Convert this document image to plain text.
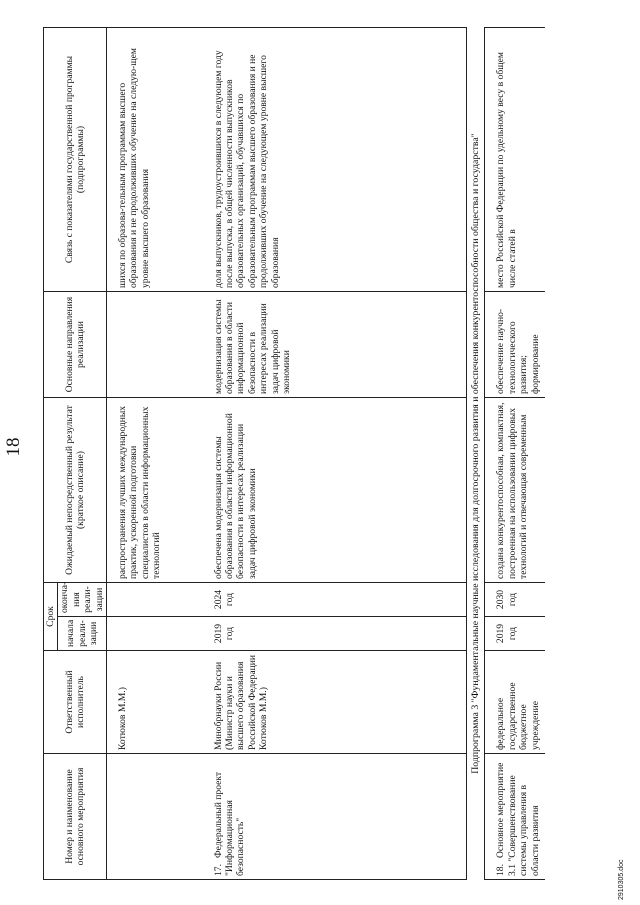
18
Номер и наименование основного мероприятия	Ответственный исполнитель	Срок		Ожидаемый непосредственный результат (краткое описание)	Основные направления реализации	Связь с показателями государственной программы (подпрограммы)
		начала реали-зации	оконча-ния реали-зации			
	Котюков М.М.)			распространения лучших международных практик, ускоренной подготовки специалистов в области информационных технологий		шихся по образова-тельным программам высшего образования и не продолживших обучение на следую-щем уровне высшего образования
17.Федеральный проект "Информационная безопасность"	Минобрнауки России (Министр науки и высшего образования Российской Федерации Котюков М.М.)	2019 год	2024 год	обеспечена модернизация системы образования в области информационной безопасности в интересах реализации задач цифровой экономики	модернизация системы образования в области информационной безопасности в интересах реализации задач цифровой экономики	доля выпускников, трудоустроившихся в следующем году после выпуска, в общей численности выпускников образовательных организаций, обучавшихся по образовательным программам высшего образования и не продолживших обучение на следующем уровне высшего образования
Подпрограмма 3 "Фундаментальные научные исследования для долгосрочного развития и обеспечения конкурентоспособности общества и государства"						
18.Основное мероприятие 3.1 "Совершенствование системы управления в области развития	федеральное государственное бюджетное учреждение	2019 год	2030 год	создана конкурентоспособная, компактная, построенная на использовании цифровых технологий и отвечающая современным	обеспечение научно-технологического развития; формирование	место Российской Федерации по удельному весу в общем числе статей в
2910305.doc
